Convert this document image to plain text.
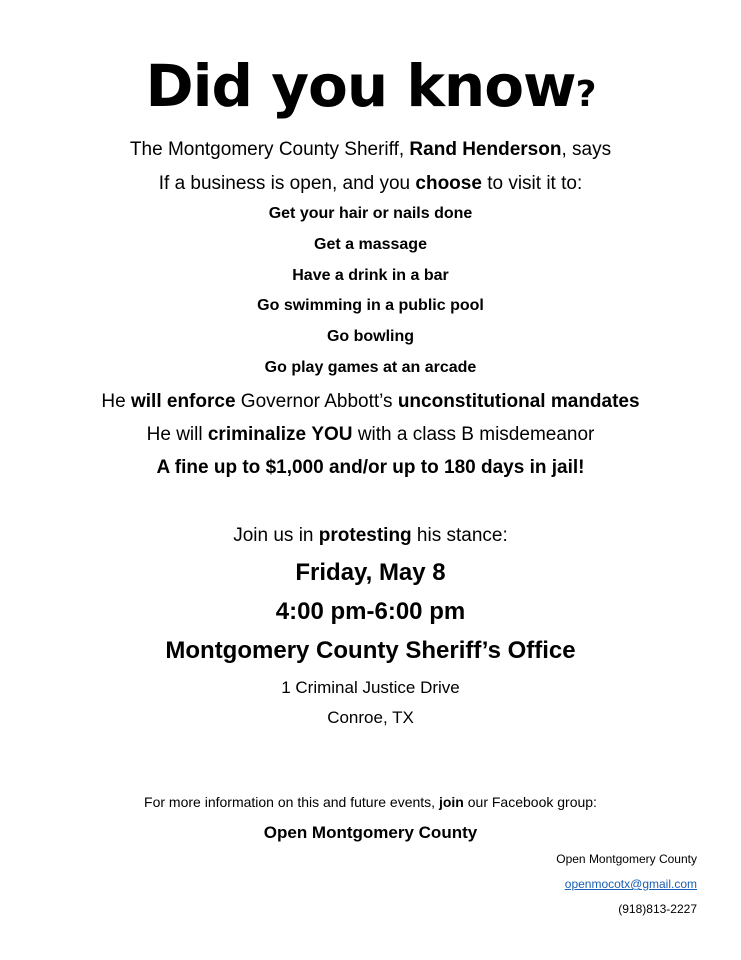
Did you know?
The Montgomery County Sheriff, Rand Henderson, says
If a business is open, and you choose to visit it to:
Get your hair or nails done
Get a massage
Have a drink in a bar
Go swimming in a public pool
Go bowling
Go play games at an arcade
He will enforce Governor Abbott’s unconstitutional mandates
He will criminalize YOU with a class B misdemeanor
A fine up to $1,000 and/or up to 180 days in jail!
Join us in protesting his stance:
Friday, May 8
4:00 pm-6:00 pm
Montgomery County Sheriff’s Office
1 Criminal Justice Drive
Conroe, TX
For more information on this and future events, join our Facebook group:
Open Montgomery County
Open Montgomery County
openmocotx@gmail.com
(918)813-2227
